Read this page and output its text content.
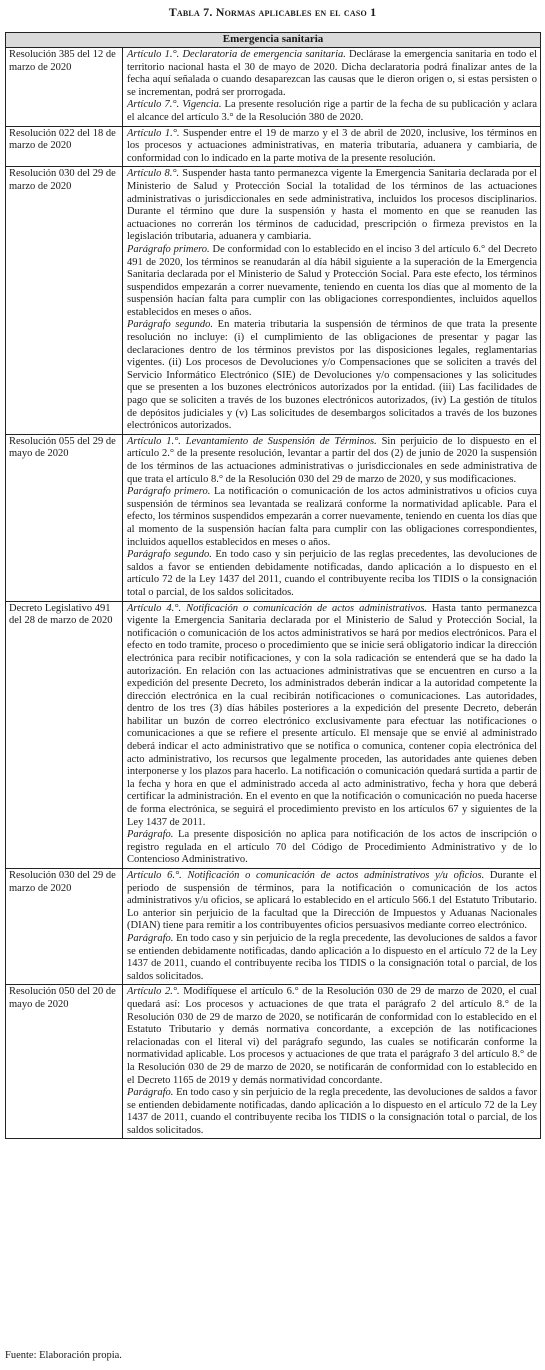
Tabla 7. Normas aplicables en el caso 1
Emergencia sanitaria	
Resolución 385 del 12 de marzo de 2020	Artículo 1.°. Declaratoria de emergencia sanitaria. Declárase la emergencia sanitaria en todo el territorio nacional hasta el 30 de mayo de 2020. Dicha declaratoria podrá finalizar antes de la fecha aquí señalada o cuando desaparezcan las causas que le dieron origen o, si estas persisten o se incrementan, podrá ser prorrogada.

Artículo 7.°. Vigencia. La presente resolución rige a partir de la fecha de su publicación y aclara el alcance del artículo 3.° de la Resolución 380 de 2020.

Resolución 022 del 18 de marzo de 2020	Artículo 1.°. Suspender entre el 19 de marzo y el 3 de abril de 2020, inclusive, los términos en los procesos y actuaciones administrativas, en materia tributaria, aduanera y cambiaria, de conformidad con lo indicado en la parte motiva de la presente resolución.

Resolución 030 del 29 de marzo de 2020	Artículo 8.°. Suspender hasta tanto permanezca vigente la Emergencia Sanitaria declarada por el Ministerio de Salud y Protección Social la totalidad de los términos de las actuaciones administrativas o jurisdiccionales en sede administrativa, incluidos los procesos disciplinarios. Durante el término que dure la suspensión y hasta el momento en que se reanuden las actuaciones no correrán los términos de caducidad, prescripción o firmeza previstos en la legislación tributaria, aduanera y cambiaria.

Parágrafo primero. De conformidad con lo establecido en el inciso 3 del artículo 6.° del Decreto 491 de 2020, los términos se reanudarán al día hábil siguiente a la superación de la Emergencia Sanitaria declarada por el Ministerio de Salud y Protección Social. Para este efecto, los términos suspendidos empezarán a correr nuevamente, teniendo en cuenta los días que al momento de la suspensión hacían falta para cumplir con las obligaciones correspondientes, incluidos aquellos establecidos en meses o años.

Parágrafo segundo. En materia tributaria la suspensión de términos de que trata la presente resolución no incluye: (i) el cumplimiento de las obligaciones de presentar y pagar las declaraciones dentro de los términos previstos por las disposiciones legales, reglamentarias vigentes. (ii) Los procesos de Devoluciones y/o Compensaciones que se soliciten a través del Servicio Informático Electrónico (SIE) de Devoluciones y/o compensaciones y las solicitudes que se presenten a los buzones electrónicos autorizados por la entidad. (iii) Las facilidades de pago que se soliciten a través de los buzones electrónicos autorizados, (iv) La gestión de títulos de depósitos judiciales y (v) Las solicitudes de desembargos solicitados a través de los buzones electrónicos autorizados.

Resolución 055 del 29 de mayo de 2020	Artículo 1.°. Levantamiento de Suspensión de Términos. Sin perjuicio de lo dispuesto en el artículo 2.° de la presente resolución, levantar a partir del dos (2) de junio de 2020 la suspensión de los términos de las actuaciones administrativas o jurisdiccionales en sede administrativa de que trata el artículo 8.° de la Resolución 030 del 29 de marzo de 2020, y sus modificaciones.

Parágrafo primero. La notificación o comunicación de los actos administrativos u oficios cuya suspensión de términos sea levantada se realizará conforme la normatividad aplicable. Para el efecto, los términos suspendidos empezarán a correr nuevamente, teniendo en cuenta los días que al momento de la suspensión hacían falta para cumplir con las obligaciones correspondientes, incluidos aquellos establecidos en meses o años.

Parágrafo segundo. En todo caso y sin perjuicio de las reglas precedentes, las devoluciones de saldos a favor se entienden debidamente notificadas, dando aplicación a lo dispuesto en el artículo 72 de la Ley 1437 del 2011, cuando el contribuyente reciba los TIDIS o la consignación total o parcial, de los saldos solicitados.

Decreto Legislativo 491 del 28 de marzo de 2020	Artículo 4.°. Notificación o comunicación de actos administrativos. Hasta tanto permanezca vigente la Emergencia Sanitaria declarada por el Ministerio de Salud y Protección Social, la notificación o comunicación de los actos administrativos se hará por medios electrónicos. Para el efecto en todo tramite, proceso o procedimiento que se inicie será obligatorio indicar la dirección electrónica para recibir notificaciones, y con la sola radicación se entenderá que se ha dado la autorización. En relación con las actuaciones administrativas que se encuentren en curso a la expedición del presente Decreto, los administrados deberán indicar a la autoridad competente la dirección electrónica en la cual recibirán notificaciones o comunicaciones. Las autoridades, dentro de los tres (3) días hábiles posteriores a la expedición del presente Decreto, deberán habilitar un buzón de correo electrónico exclusivamente para efectuar las notificaciones o comunicaciones a que se refiere el presente artículo. El mensaje que se envié al administrado deberá indicar el acto administrativo que se notifica o comunica, contener copia electrónica del acto administrativo, los recursos que legalmente proceden, las autoridades ante quienes deben interponerse y los plazos para hacerlo. La notificación o comunicación quedará surtida a partir de la fecha y hora en que el administrado acceda al acto administrativo, fecha y hora que deberá certificar la administración. En el evento en que la notificación o comunicación no pueda hacerse de forma electrónica, se seguirá el procedimiento previsto en los artículos 67 y siguientes de la Ley 1437 de 2011.

Parágrafo. La presente disposición no aplica para notificación de los actos de inscripción o registro regulada en el artículo 70 del Código de Procedimiento Administrativo y de lo Contencioso Administrativo.

Resolución 030 del 29 de marzo de 2020	Artículo 6.°. Notificación o comunicación de actos administrativos y/u oficios. Durante el periodo de suspensión de términos, para la notificación o comunicación de los actos administrativos y/u oficios, se aplicará lo establecido en el artículo 566.1 del Estatuto Tributario. Lo anterior sin perjuicio de la facultad que la Dirección de Impuestos y Aduanas Nacionales (DIAN) tiene para remitir a los contribuyentes oficios persuasivos mediante correo electrónico.

Parágrafo. En todo caso y sin perjuicio de la regla precedente, las devoluciones de saldos a favor se entienden debidamente notificadas, dando aplicación a lo dispuesto en el artículo 72 de la Ley 1437 de 2011, cuando el contribuyente reciba los TIDIS o la consignación total o parcial, de los saldos solicitados.

Resolución 050 del 20 de mayo de 2020	Artículo 2.°. Modifíquese el artículo 6.° de la Resolución 030 de 29 de marzo de 2020, el cual quedará así: Los procesos y actuaciones de que trata el parágrafo 2 del artículo 8.° de la Resolución 030 de 29 de marzo de 2020, se notificarán de conformidad con lo establecido en el Estatuto Tributario y demás normativa concordante, a excepción de las notificaciones relacionadas con el literal vi) del parágrafo segundo, las cuales se notificarán conforme la normatividad aplicable. Los procesos y actuaciones de que trata el parágrafo 3 del artículo 8.° de la Resolución 030 de 29 de marzo de 2020, se notificarán de conformidad con lo establecido en el Decreto 1165 de 2019 y demás normatividad concordante.

Parágrafo. En todo caso y sin perjuicio de la regla precedente, las devoluciones de saldos a favor se entienden debidamente notificadas, dando aplicación a lo dispuesto en el artículo 72 de la Ley 1437 de 2011, cuando el contribuyente reciba los TIDIS o la consignación total o parcial, de los saldos solicitados.

Fuente: Elaboración propia.
